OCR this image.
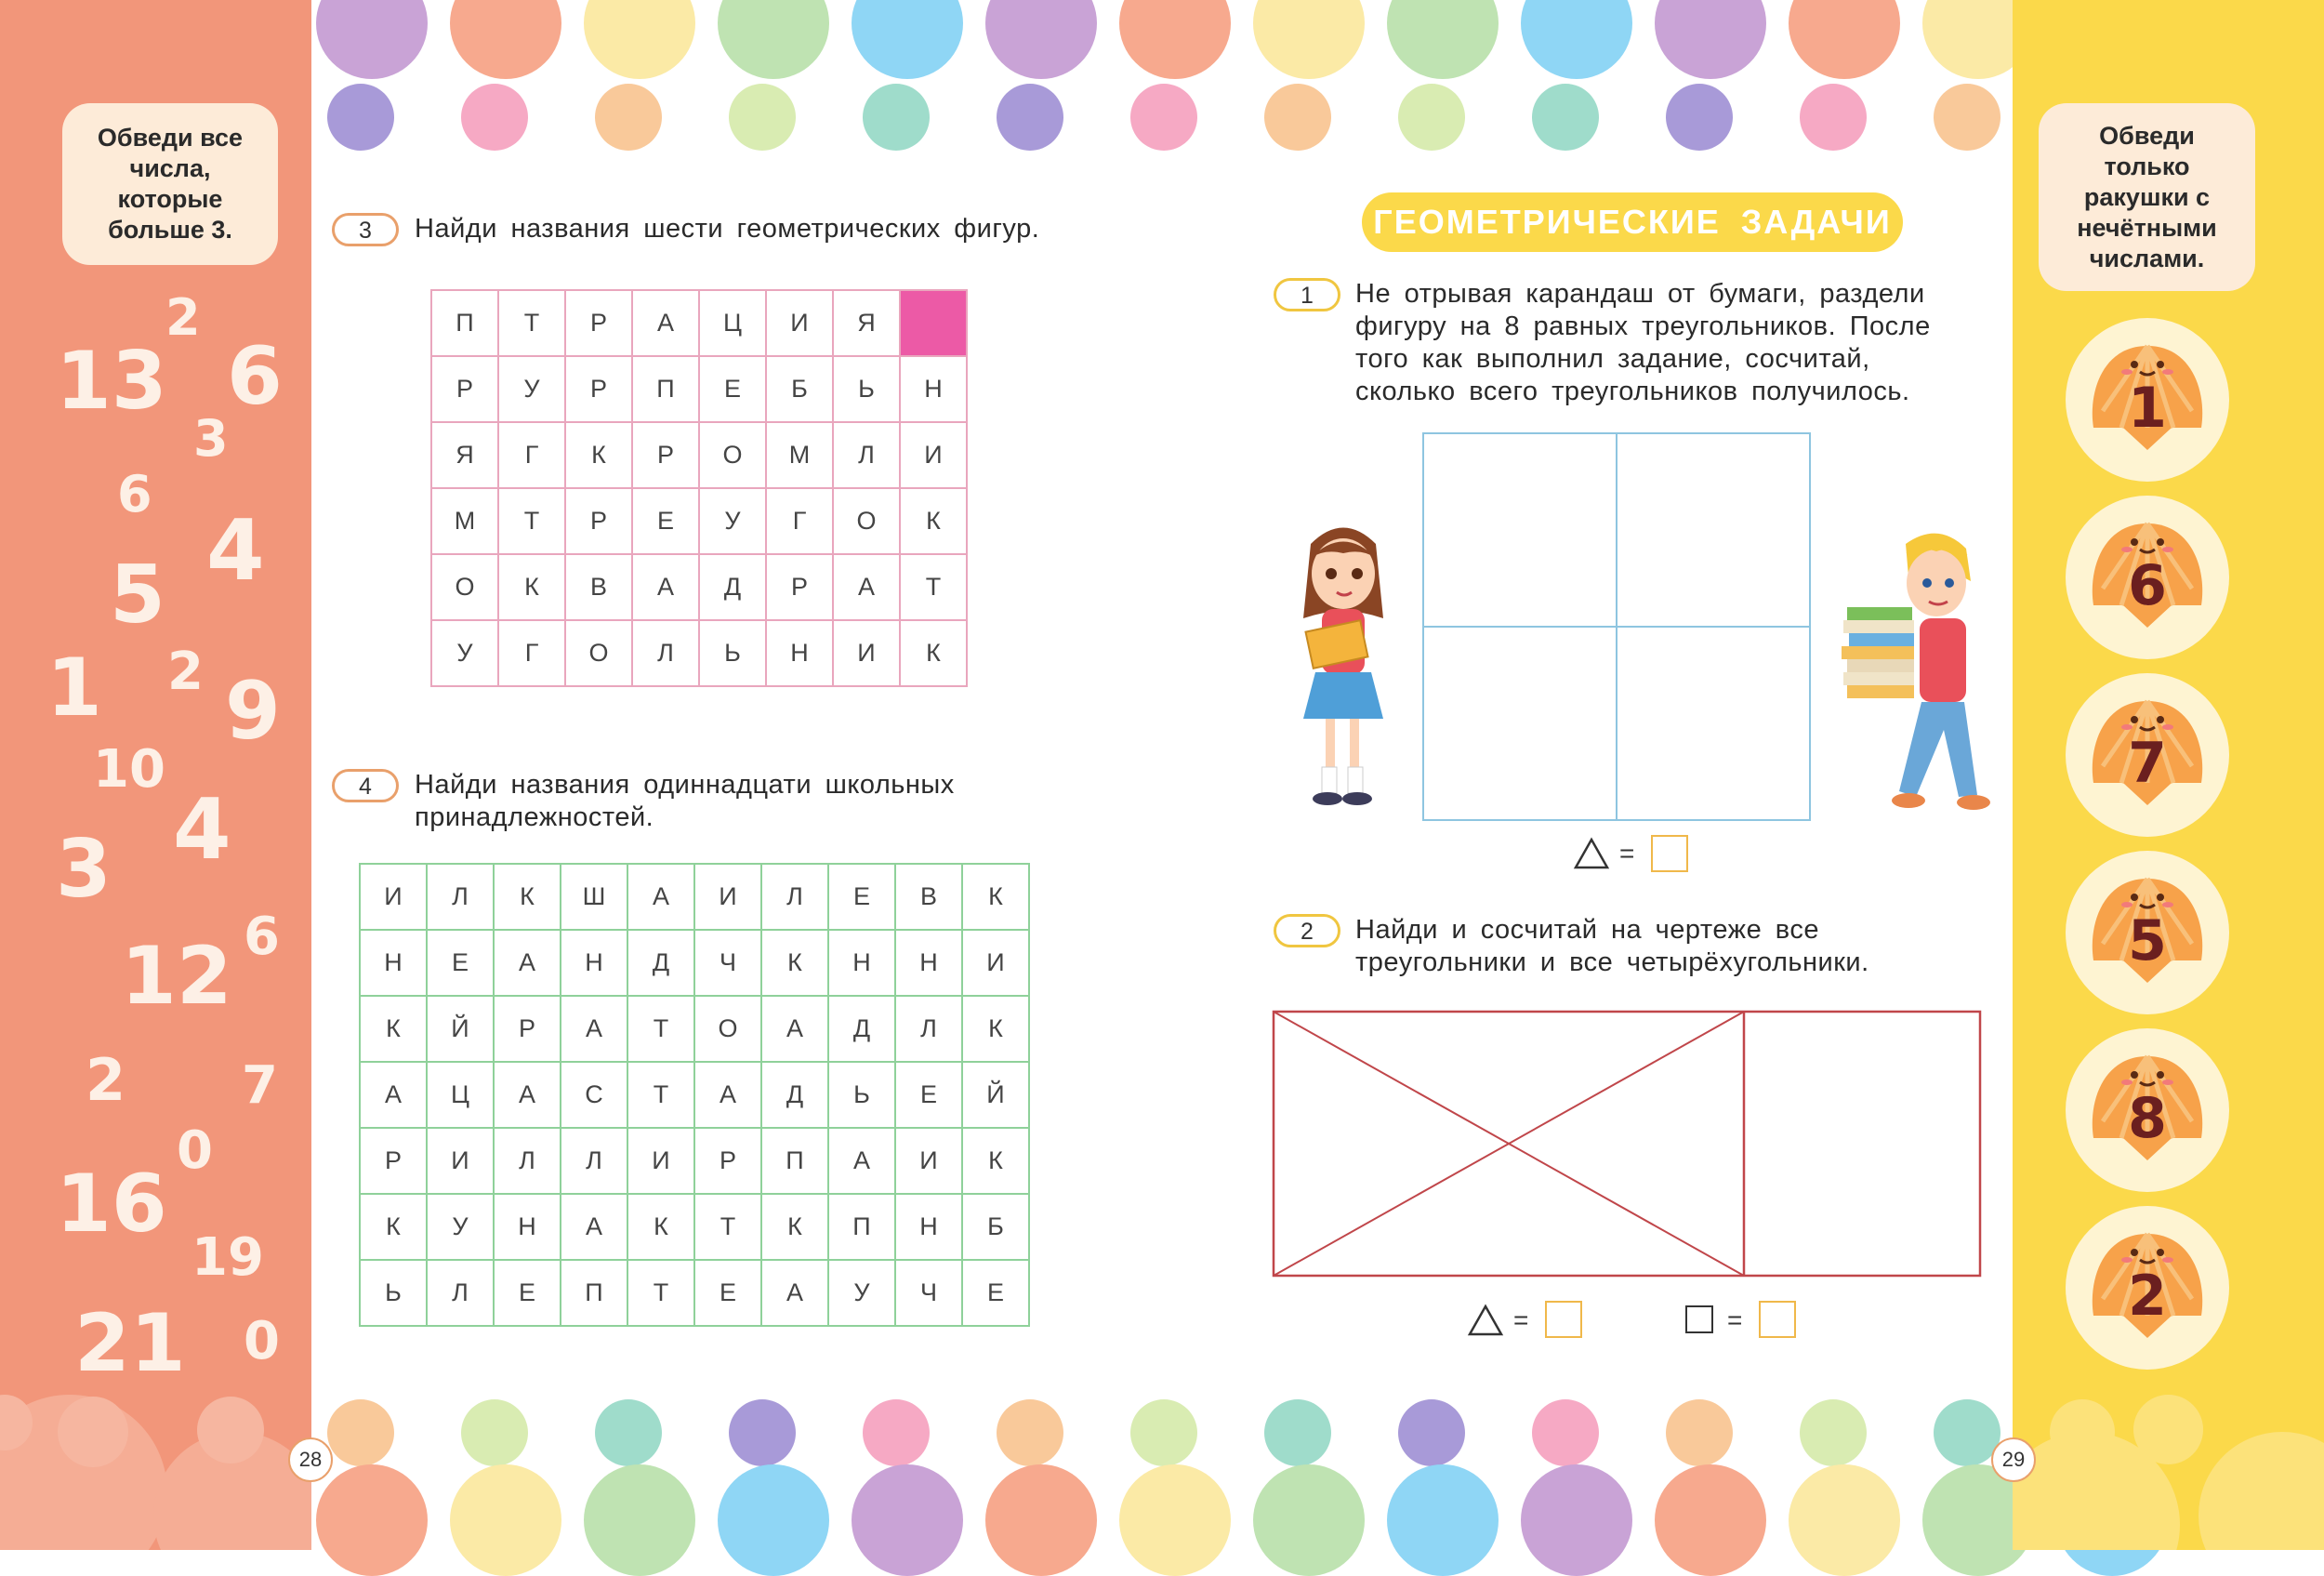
Обведи все числа, которые больше 3.
13
2
6
3
6
4
5
1 2 9
10
4
3
12 6
2 7
0
16
19
21 0
Обведи только ракушки с нечётными числами.
1
6
7
5
8
2
28	29
3	Найди названия шести геометрических фигур.
П	Т	Р	А	Ц	И	Я	
Р	У	Р	П	Е	Б	Ь	Н
Я	Г	К	Р	О	М	Л	И
М	Т	Р	Е	У	Г	О	К
О	К	В	А	Д	Р	А	Т
У	Г	О	Л	Ь	Н	И	К
4	Найди названия одиннадцати школьных
принадлежностей.
И	Л	К	Ш	А	И	Л	Е	В	К
Н	Е	А	Н	Д	Ч	К	Н	Н	И
К	Й	Р	А	Т	О	А	Д	Л	К
А	Ц	А	С	Т	А	Д	Ь	Е	Й
Р	И	Л	Л	И	Р	П	А	И	К
К	У	Н	А	К	Т	К	П	Н	Б
Ь	Л	Е	П	Т	Е	А	У	Ч	Е
ГЕОМЕТРИЧЕСКИЕ ЗАДАЧИ
1	Не отрывая карандаш от бумаги, раздели
фигуру на 8 равных треугольников. После
того как выполнил задание, сосчитай,
сколько всего треугольников получилось.
=
2	Найди и сосчитай на чертеже все
треугольники и все четырёхугольники.
=	=
